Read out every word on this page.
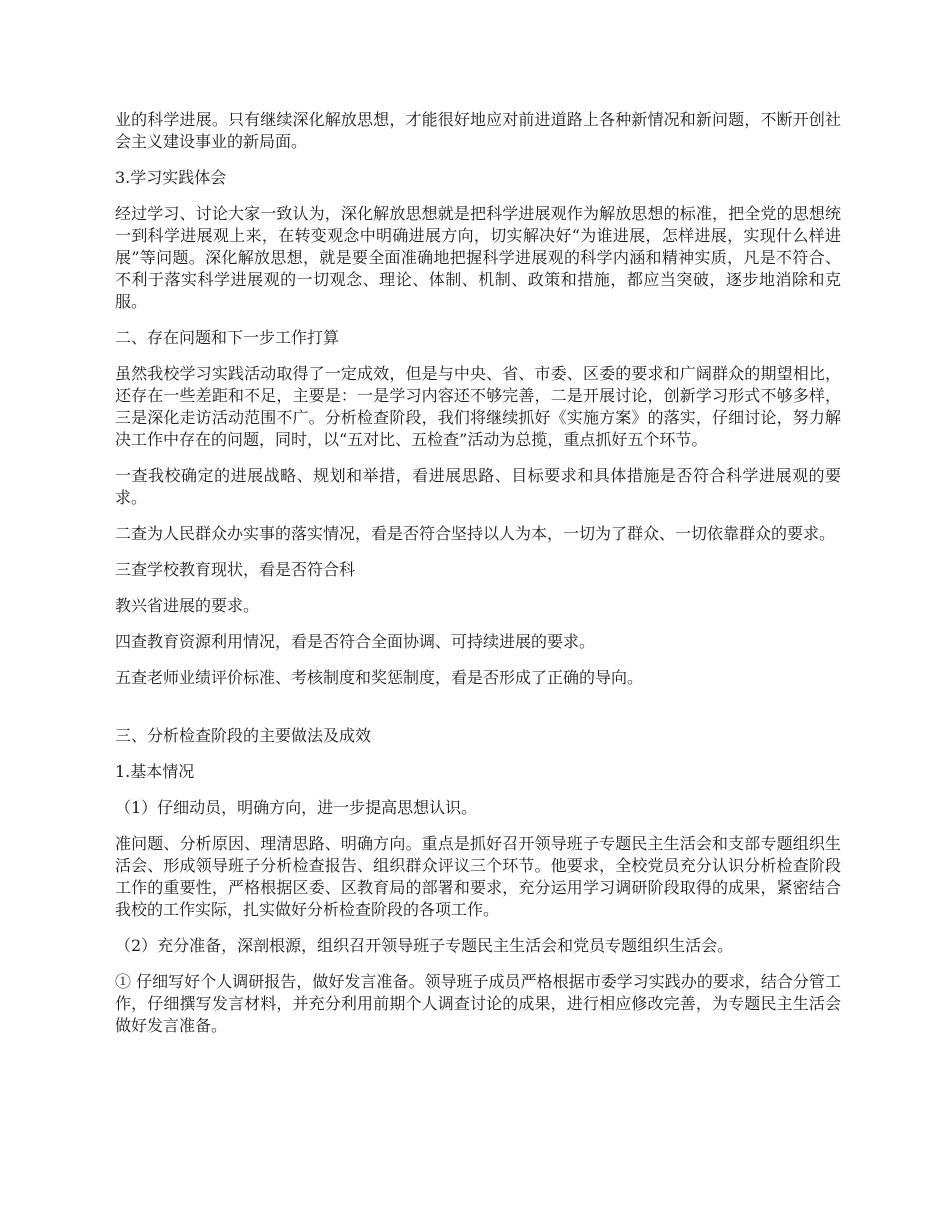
业的科学进展。只有继续深化解放思想，才能很好地应对前进道路上各种新情况和新问题，不断开创社会主义建设事业的新局面。

3.学习实践体会

经过学习、讨论大家一致认为，深化解放思想就是把科学进展观作为解放思想的标准，把全党的思想统一到科学进展观上来，在转变观念中明确进展方向，切实解决好“为谁进展，怎样进展，实现什么样进展”等问题。深化解放思想，就是要全面准确地把握科学进展观的科学内涵和精神实质，凡是不符合、不利于落实科学进展观的一切观念、理论、体制、机制、政策和措施，都应当突破，逐步地消除和克服。

二、存在问题和下一步工作打算

虽然我校学习实践活动取得了一定成效，但是与中央、省、市委、区委的要求和广阔群众的期望相比，还存在一些差距和不足，主要是：一是学习内容还不够完善，二是开展讨论，创新学习形式不够多样，三是深化走访活动范围不广。分析检查阶段，我们将继续抓好《实施方案》的落实，仔细讨论，努力解决工作中存在的问题，同时，以“五对比、五检查”活动为总揽，重点抓好五个环节。

一查我校确定的进展战略、规划和举措，看进展思路、目标要求和具体措施是否符合科学进展观的要求。

二查为人民群众办实事的落实情况，看是否符合坚持以人为本，一切为了群众、一切依靠群众的要求。

三查学校教育现状，看是否符合科

教兴省进展的要求。

四查教育资源利用情况，看是否符合全面协调、可持续进展的要求。

五查老师业绩评价标准、考核制度和奖惩制度，看是否形成了正确的导向。

三、分析检查阶段的主要做法及成效

1.基本情况

（1）仔细动员，明确方向，进一步提高思想认识。

准问题、分析原因、理清思路、明确方向。重点是抓好召开领导班子专题民主生活会和支部专题组织生活会、形成领导班子分析检查报告、组织群众评议三个环节。他要求，全校党员充分认识分析检查阶段工作的重要性，严格根据区委、区教育局的部署和要求，充分运用学习调研阶段取得的成果，紧密结合我校的工作实际，扎实做好分析检查阶段的各项工作。

（2）充分准备，深剖根源，组织召开领导班子专题民主生活会和党员专题组织生活会。

① 仔细写好个人调研报告，做好发言准备。领导班子成员严格根据市委学习实践办的要求，结合分管工作，仔细撰写发言材料，并充分利用前期个人调查讨论的成果，进行相应修改完善，为专题民主生活会做好发言准备。
